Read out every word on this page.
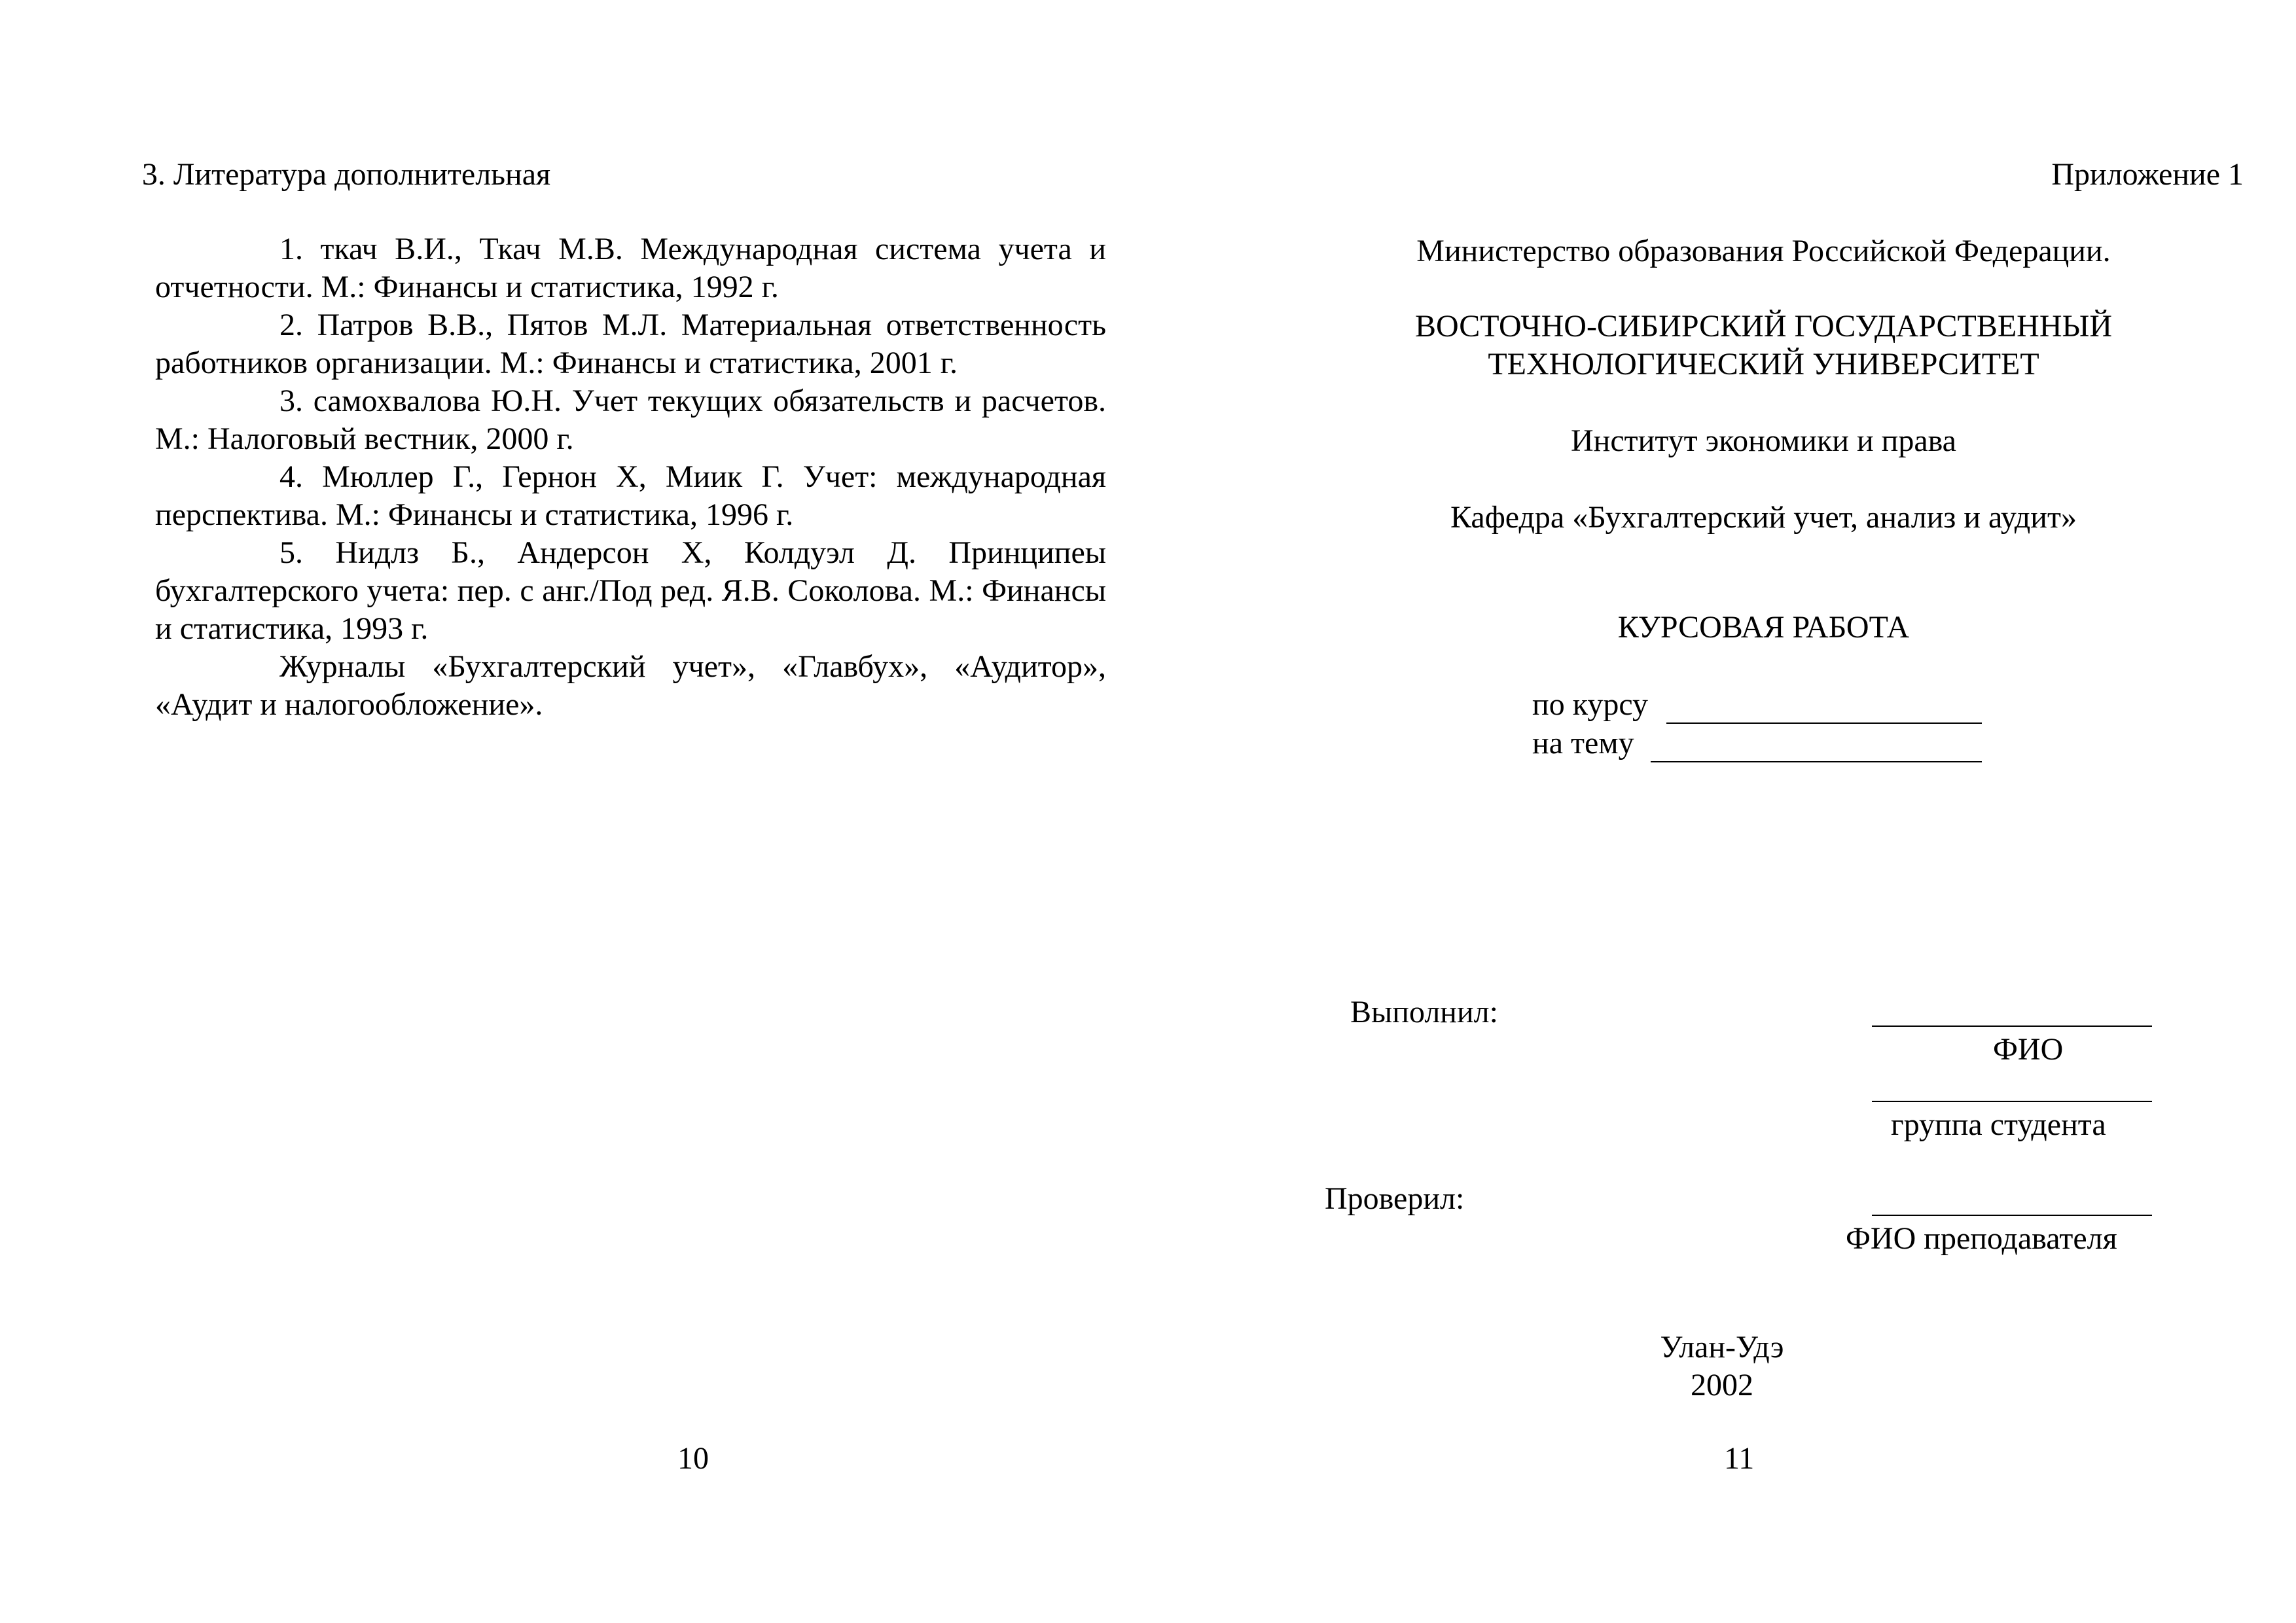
3. Литература дополнительная

1. ткач В.И., Ткач М.В. Международная система учета и отчетности. М.: Финансы и статистика, 1992 г.

2. Патров В.В., Пятов М.Л. Материальная ответственность работников организации. М.: Финансы и статистика, 2001 г.

3. самохвалова Ю.Н. Учет текущих обязательств и расчетов. М.: Налоговый вестник, 2000 г.

4. Мюллер Г., Гернон Х, Миик Г. Учет: международная перспектива. М.: Финансы и статистика, 1996 г.

5. Нидлз Б., Андерсон Х, Колдуэл Д. Принципеы бухгалтерского учета: пер. с анг./Под ред. Я.В. Соколова. М.: Финансы и статистика, 1993 г.

Журналы «Бухгалтерский учет», «Главбух», «Аудитор», «Аудит и налогообложение».

10
Приложение 1
Министерство образования Российской Федерации.
ВОСТОЧНО-СИБИРСКИЙ ГОСУДАРСТВЕННЫЙ
ТЕХНОЛОГИЧЕСКИЙ УНИВЕРСИТЕТ
Институт экономики и права
Кафедра «Бухгалтерский учет, анализ и аудит»
КУРСОВАЯ РАБОТА
по курсу
на тему
Выполнил:
ФИО
группа студента
Проверил:
ФИО преподавателя
Улан-Удэ
2002
11
